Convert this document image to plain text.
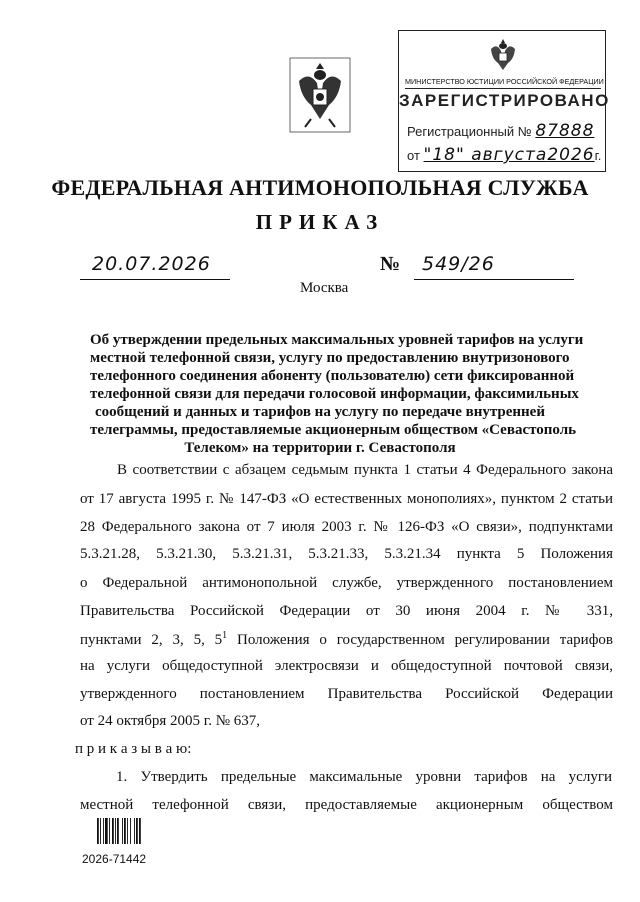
МИНИСТЕРСТВО ЮСТИЦИИ РОССИЙСКОЙ ФЕДЕРАЦИИ
ЗАРЕГИСТРИРОВАНО
Регистрационный № 87888
от "18" августа2026г.
ФЕДЕРАЛЬНАЯ АНТИМОНОПОЛЬНАЯ СЛУЖБА
ПРИКАЗ
20.07.2026
Москва
№ 549/26
Об утверждении предельных максимальных уровней тарифов на услуги
местной телефонной связи, услугу по предоставлению внутризонового
телефонного соединения абоненту (пользователю) сети фиксированной
телефонной связи для передачи голосовой информации, факсимильных
сообщений и данных и тарифов на услугу по передаче внутренней
телеграммы, предоставляемые акционерным обществом «Севастополь
Телеком» на территории г. Севастополя
В соответствии с абзацем седьмым пункта 1 статьи 4 Федерального закона
от 17 августа 1995 г. № 147-ФЗ «О естественных монополиях», пунктом 2 статьи
28 Федерального закона от 7 июля 2003 г. № 126-ФЗ «О связи», подпунктами
5.3.21.28, 5.3.21.30, 5.3.21.31, 5.3.21.33, 5.3.21.34 пункта 5 Положения
о Федеральной антимонопольной службе, утвержденного постановлением
Правительства Российской Федерации от 30 июня 2004 г. № 331,
пунктами 2, 3, 5, $5^1$ Положения о государственном регулировании тарифов
на услуги общедоступной электросвязи и общедоступной почтовой связи,
утвержденного постановлением Правительства Российской Федерации
от 24 октября 2005 г. № 637,
п р и к а з ы в а ю:
1. Утвердить предельные максимальные уровни тарифов на услуги
местной телефонной связи, предоставляемые акционерным обществом
2026-71442
